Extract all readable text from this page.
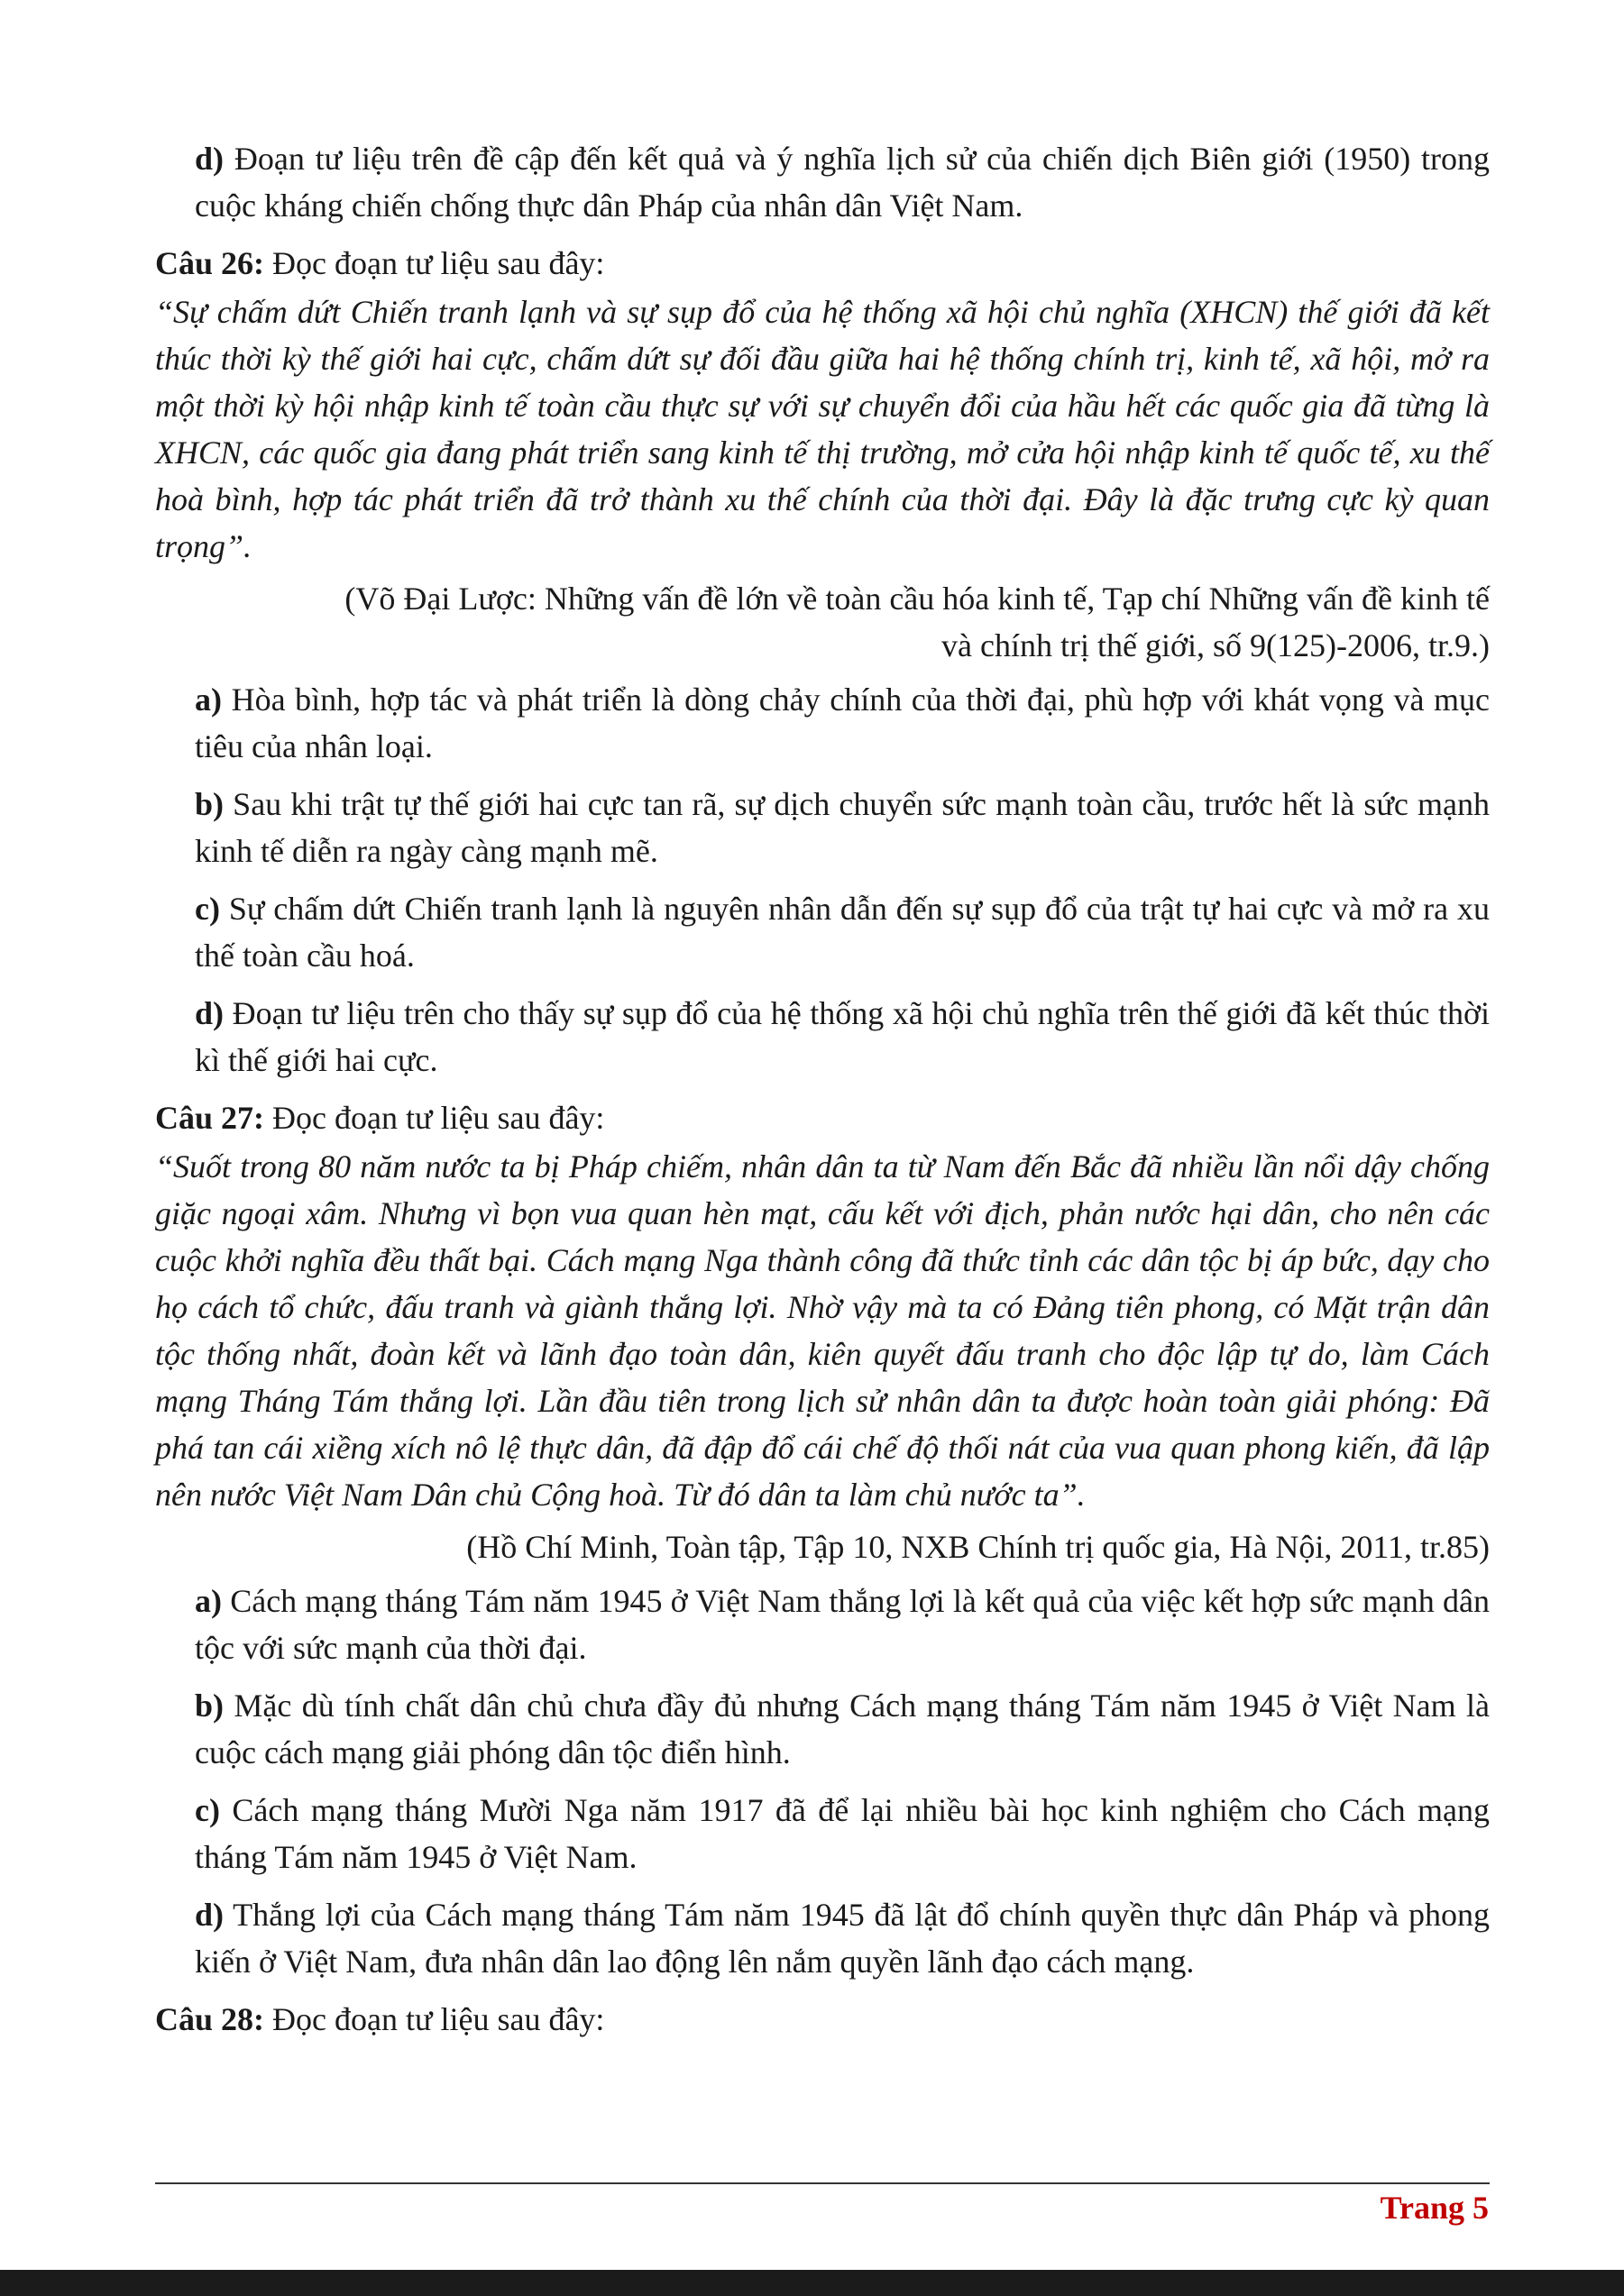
d) Đoạn tư liệu trên đề cập đến kết quả và ý nghĩa lịch sử của chiến dịch Biên giới (1950) trong cuộc kháng chiến chống thực dân Pháp của nhân dân Việt Nam.

Câu 26: Đọc đoạn tư liệu sau đây:

“Sự chấm dứt Chiến tranh lạnh và sự sụp đổ của hệ thống xã hội chủ nghĩa (XHCN) thế giới đã kết thúc thời kỳ thế giới hai cực, chấm dứt sự đối đầu giữa hai hệ thống chính trị, kinh tế, xã hội, mở ra một thời kỳ hội nhập kinh tế toàn cầu thực sự với sự chuyển đổi của hầu hết các quốc gia đã từng là XHCN, các quốc gia đang phát triển sang kinh tế thị trường, mở cửa hội nhập kinh tế quốc tế, xu thế hoà bình, hợp tác phát triển đã trở thành xu thế chính của thời đại. Đây là đặc trưng cực kỳ quan trọng”.

(Võ Đại Lược: Những vấn đề lớn về toàn cầu hóa kinh tế, Tạp chí Những vấn đề kinh tế
và chính trị thế giới, số 9(125)-2006, tr.9.)

a) Hòa bình, hợp tác và phát triển là dòng chảy chính của thời đại, phù hợp với khát vọng và mục tiêu của nhân loại.

b) Sau khi trật tự thế giới hai cực tan rã, sự dịch chuyển sức mạnh toàn cầu, trước hết là sức mạnh kinh tế diễn ra ngày càng mạnh mẽ.

c) Sự chấm dứt Chiến tranh lạnh là nguyên nhân dẫn đến sự sụp đổ của trật tự hai cực và mở ra xu thế toàn cầu hoá.

d) Đoạn tư liệu trên cho thấy sự sụp đổ của hệ thống xã hội chủ nghĩa trên thế giới đã kết thúc thời kì thế giới hai cực.

Câu 27: Đọc đoạn tư liệu sau đây:

“Suốt trong 80 năm nước ta bị Pháp chiếm, nhân dân ta từ Nam đến Bắc đã nhiều lần nổi dậy chống giặc ngoại xâm. Nhưng vì bọn vua quan hèn mạt, cấu kết với địch, phản nước hại dân, cho nên các cuộc khởi nghĩa đều thất bại. Cách mạng Nga thành công đã thức tỉnh các dân tộc bị áp bức, dạy cho họ cách tổ chức, đấu tranh và giành thắng lợi. Nhờ vậy mà ta có Đảng tiên phong, có Mặt trận dân tộc thống nhất, đoàn kết và lãnh đạo toàn dân, kiên quyết đấu tranh cho độc lập tự do, làm Cách mạng Tháng Tám thắng lợi. Lần đầu tiên trong lịch sử nhân dân ta được hoàn toàn giải phóng: Đã phá tan cái xiềng xích nô lệ thực dân, đã đập đổ cái chế độ thối nát của vua quan phong kiến, đã lập nên nước Việt Nam Dân chủ Cộng hoà. Từ đó dân ta làm chủ nước ta”.

(Hồ Chí Minh, Toàn tập, Tập 10, NXB Chính trị quốc gia, Hà Nội, 2011, tr.85)

a) Cách mạng tháng Tám năm 1945 ở Việt Nam thắng lợi là kết quả của việc kết hợp sức mạnh dân tộc với sức mạnh của thời đại.

b) Mặc dù tính chất dân chủ chưa đầy đủ nhưng Cách mạng tháng Tám năm 1945 ở Việt Nam là cuộc cách mạng giải phóng dân tộc điển hình.

c) Cách mạng tháng Mười Nga năm 1917 đã để lại nhiều bài học kinh nghiệm cho Cách mạng tháng Tám năm 1945 ở Việt Nam.

d) Thắng lợi của Cách mạng tháng Tám năm 1945 đã lật đổ chính quyền thực dân Pháp và phong kiến ở Việt Nam, đưa nhân dân lao động lên nắm quyền lãnh đạo cách mạng.

Câu 28: Đọc đoạn tư liệu sau đây:

Trang 5
